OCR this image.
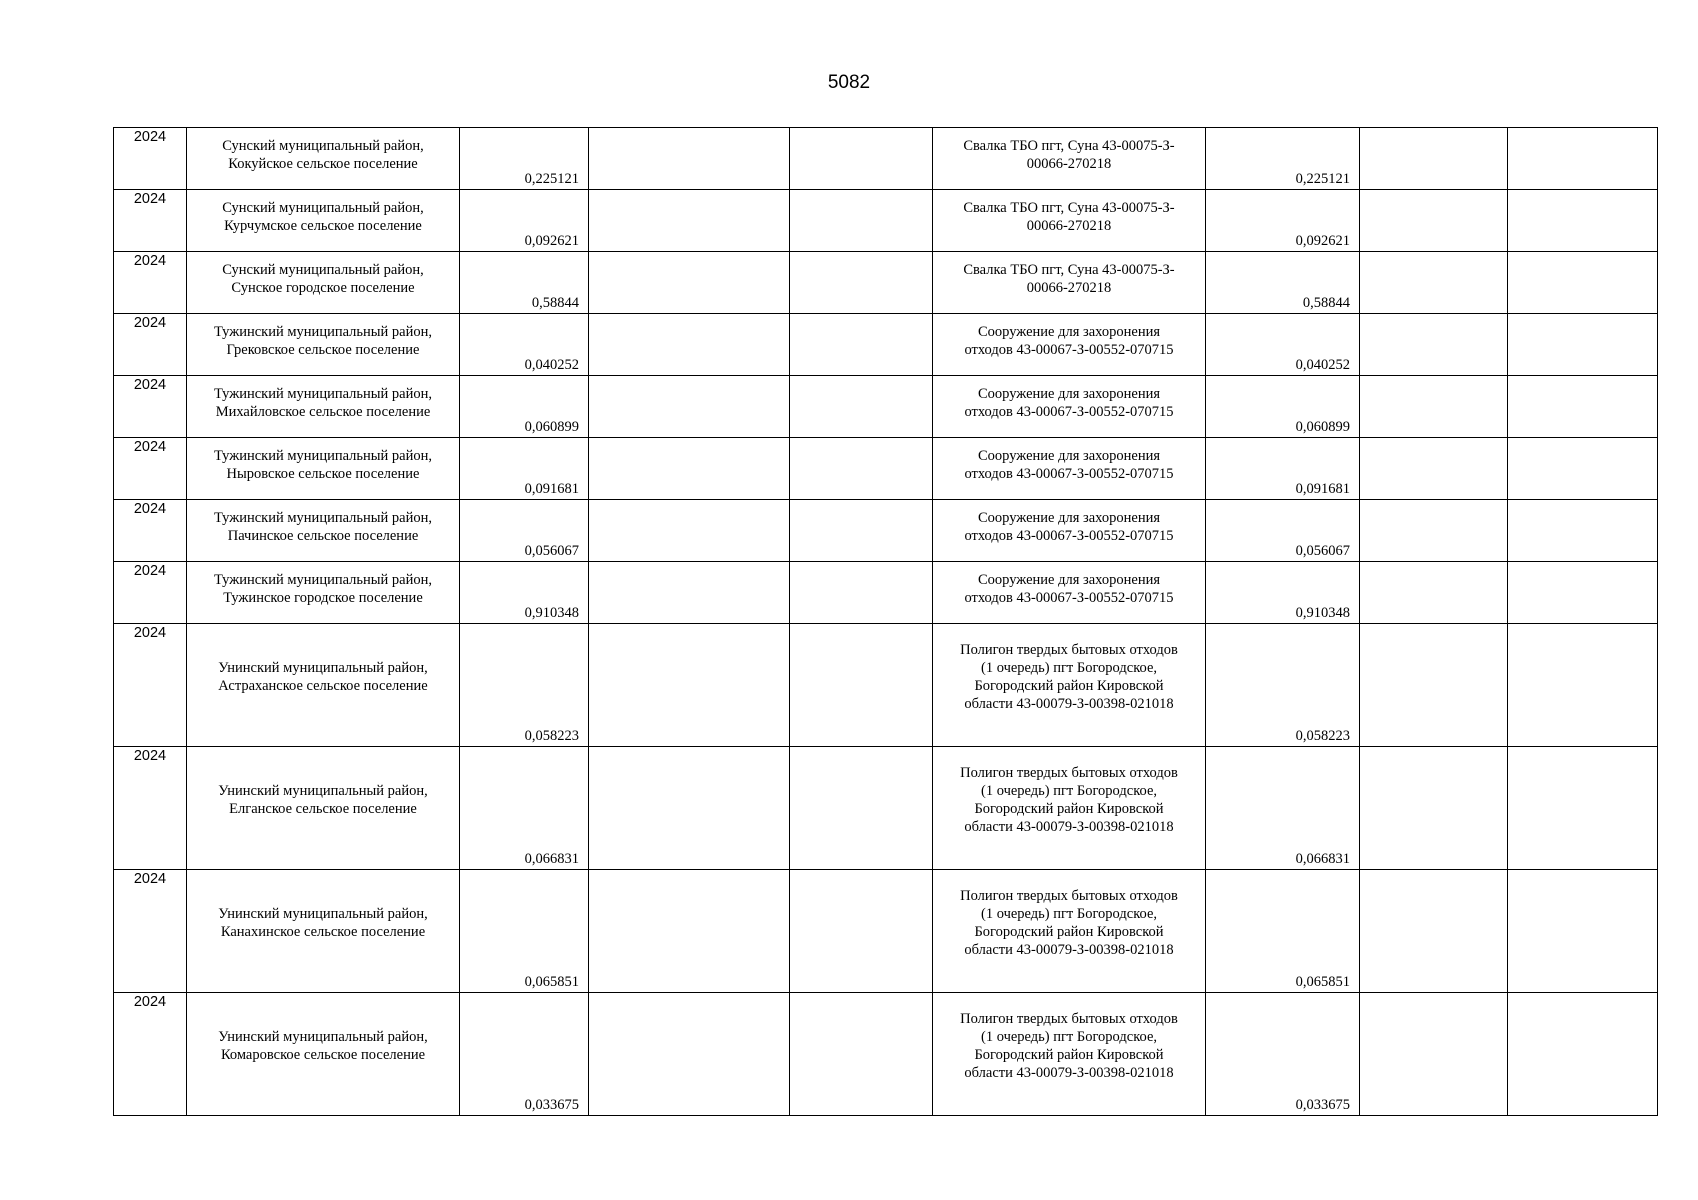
5082
2024	Сунский муниципальный район,
Кокуйское сельское поселение	0,225121			Свалка ТБО пгт, Суна 43-00075-З-
00066-270218	0,225121		

2024	Сунский муниципальный район,
Курчумское сельское поселение	0,092621			Свалка ТБО пгт, Суна 43-00075-З-
00066-270218	0,092621		

2024	Сунский муниципальный район,
Сунское городское поселение	0,58844			Свалка ТБО пгт, Суна 43-00075-З-
00066-270218	0,58844		

2024	Тужинский муниципальный район,
Грековское сельское поселение	0,040252			Сооружение для захоронения
отходов 43-00067-З-00552-070715	0,040252		

2024	Тужинский муниципальный район,
Михайловское сельское поселение	0,060899			Сооружение для захоронения
отходов 43-00067-З-00552-070715	0,060899		

2024	Тужинский муниципальный район,
Ныровское сельское поселение	0,091681			Сооружение для захоронения
отходов 43-00067-З-00552-070715	0,091681		

2024	Тужинский муниципальный район,
Пачинское сельское поселение	0,056067			Сооружение для захоронения
отходов 43-00067-З-00552-070715	0,056067		

2024	Тужинский муниципальный район,
Тужинское городское поселение	0,910348			Сооружение для захоронения
отходов 43-00067-З-00552-070715	0,910348		

2024	Унинский муниципальный район,
Астраханское сельское поселение	0,058223			Полигон твердых бытовых отходов
(1 очередь) пгт Богородское,
Богородский район Кировской
области 43-00079-З-00398-021018	0,058223		

2024	Унинский муниципальный район,
Елганское сельское поселение	0,066831			Полигон твердых бытовых отходов
(1 очередь) пгт Богородское,
Богородский район Кировской
области 43-00079-З-00398-021018	0,066831		

2024	Унинский муниципальный район,
Канахинское сельское поселение	0,065851			Полигон твердых бытовых отходов
(1 очередь) пгт Богородское,
Богородский район Кировской
области 43-00079-З-00398-021018	0,065851		

2024	Унинский муниципальный район,
Комаровское сельское поселение	0,033675			Полигон твердых бытовых отходов
(1 очередь) пгт Богородское,
Богородский район Кировской
области 43-00079-З-00398-021018	0,033675		
